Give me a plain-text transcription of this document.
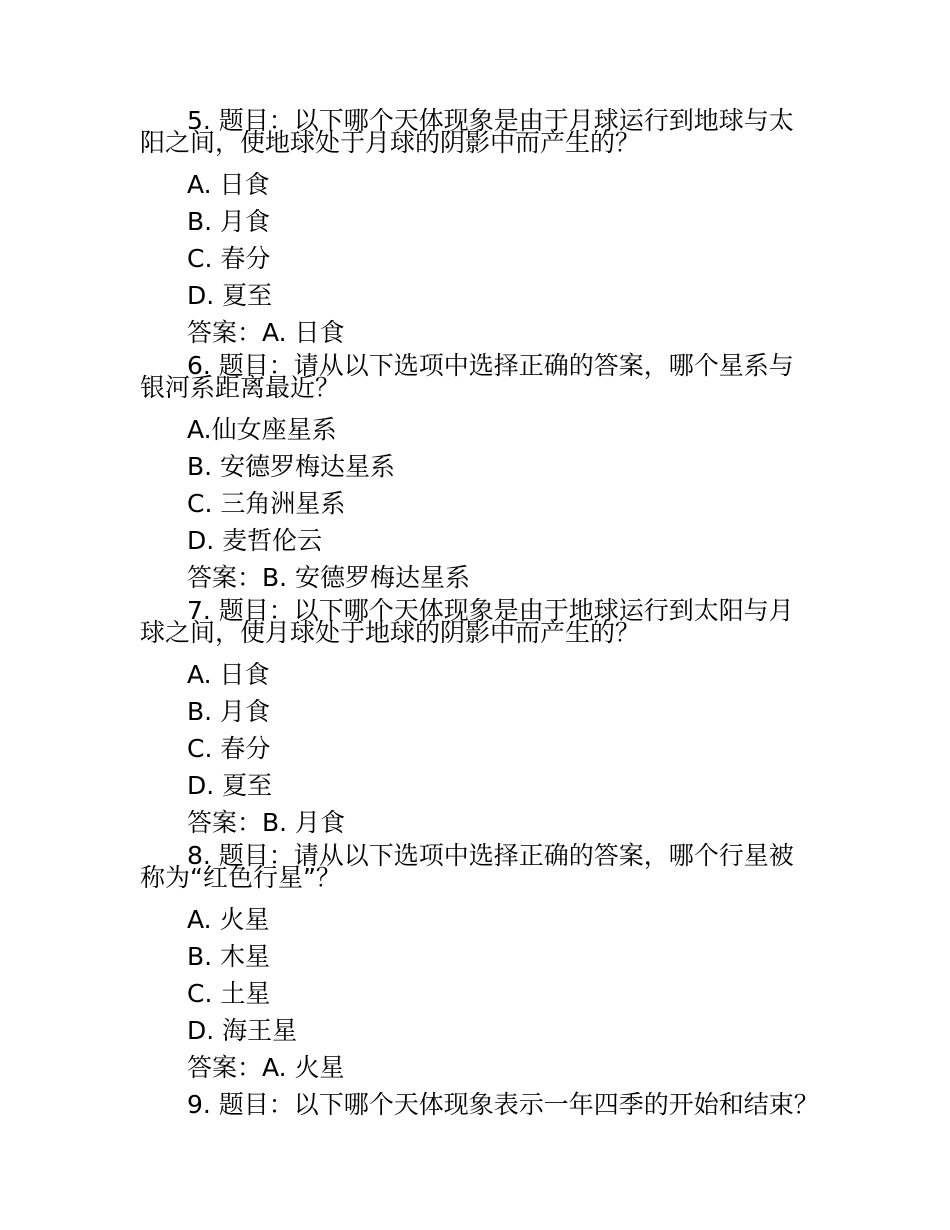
5. 题目：以下哪个天体现象是由于月球运行到地球与太阳之间，使地球处于月球的阴影中而产生的？
A. 日食
B. 月食
C. 春分
D. 夏至
答案：A. 日食
6. 题目：请从以下选项中选择正确的答案，哪个星系与银河系距离最近？
A.仙女座星系
B. 安德罗梅达星系
C. 三角洲星系
D. 麦哲伦云
答案：B. 安德罗梅达星系
7. 题目：以下哪个天体现象是由于地球运行到太阳与月球之间，使月球处于地球的阴影中而产生的？
A. 日食
B. 月食
C. 春分
D. 夏至
答案：B. 月食
8. 题目：请从以下选项中选择正确的答案，哪个行星被称为“红色行星”？
A. 火星
B. 木星
C. 土星
D. 海王星
答案：A. 火星
9. 题目：以下哪个天体现象表示一年四季的开始和结束？
